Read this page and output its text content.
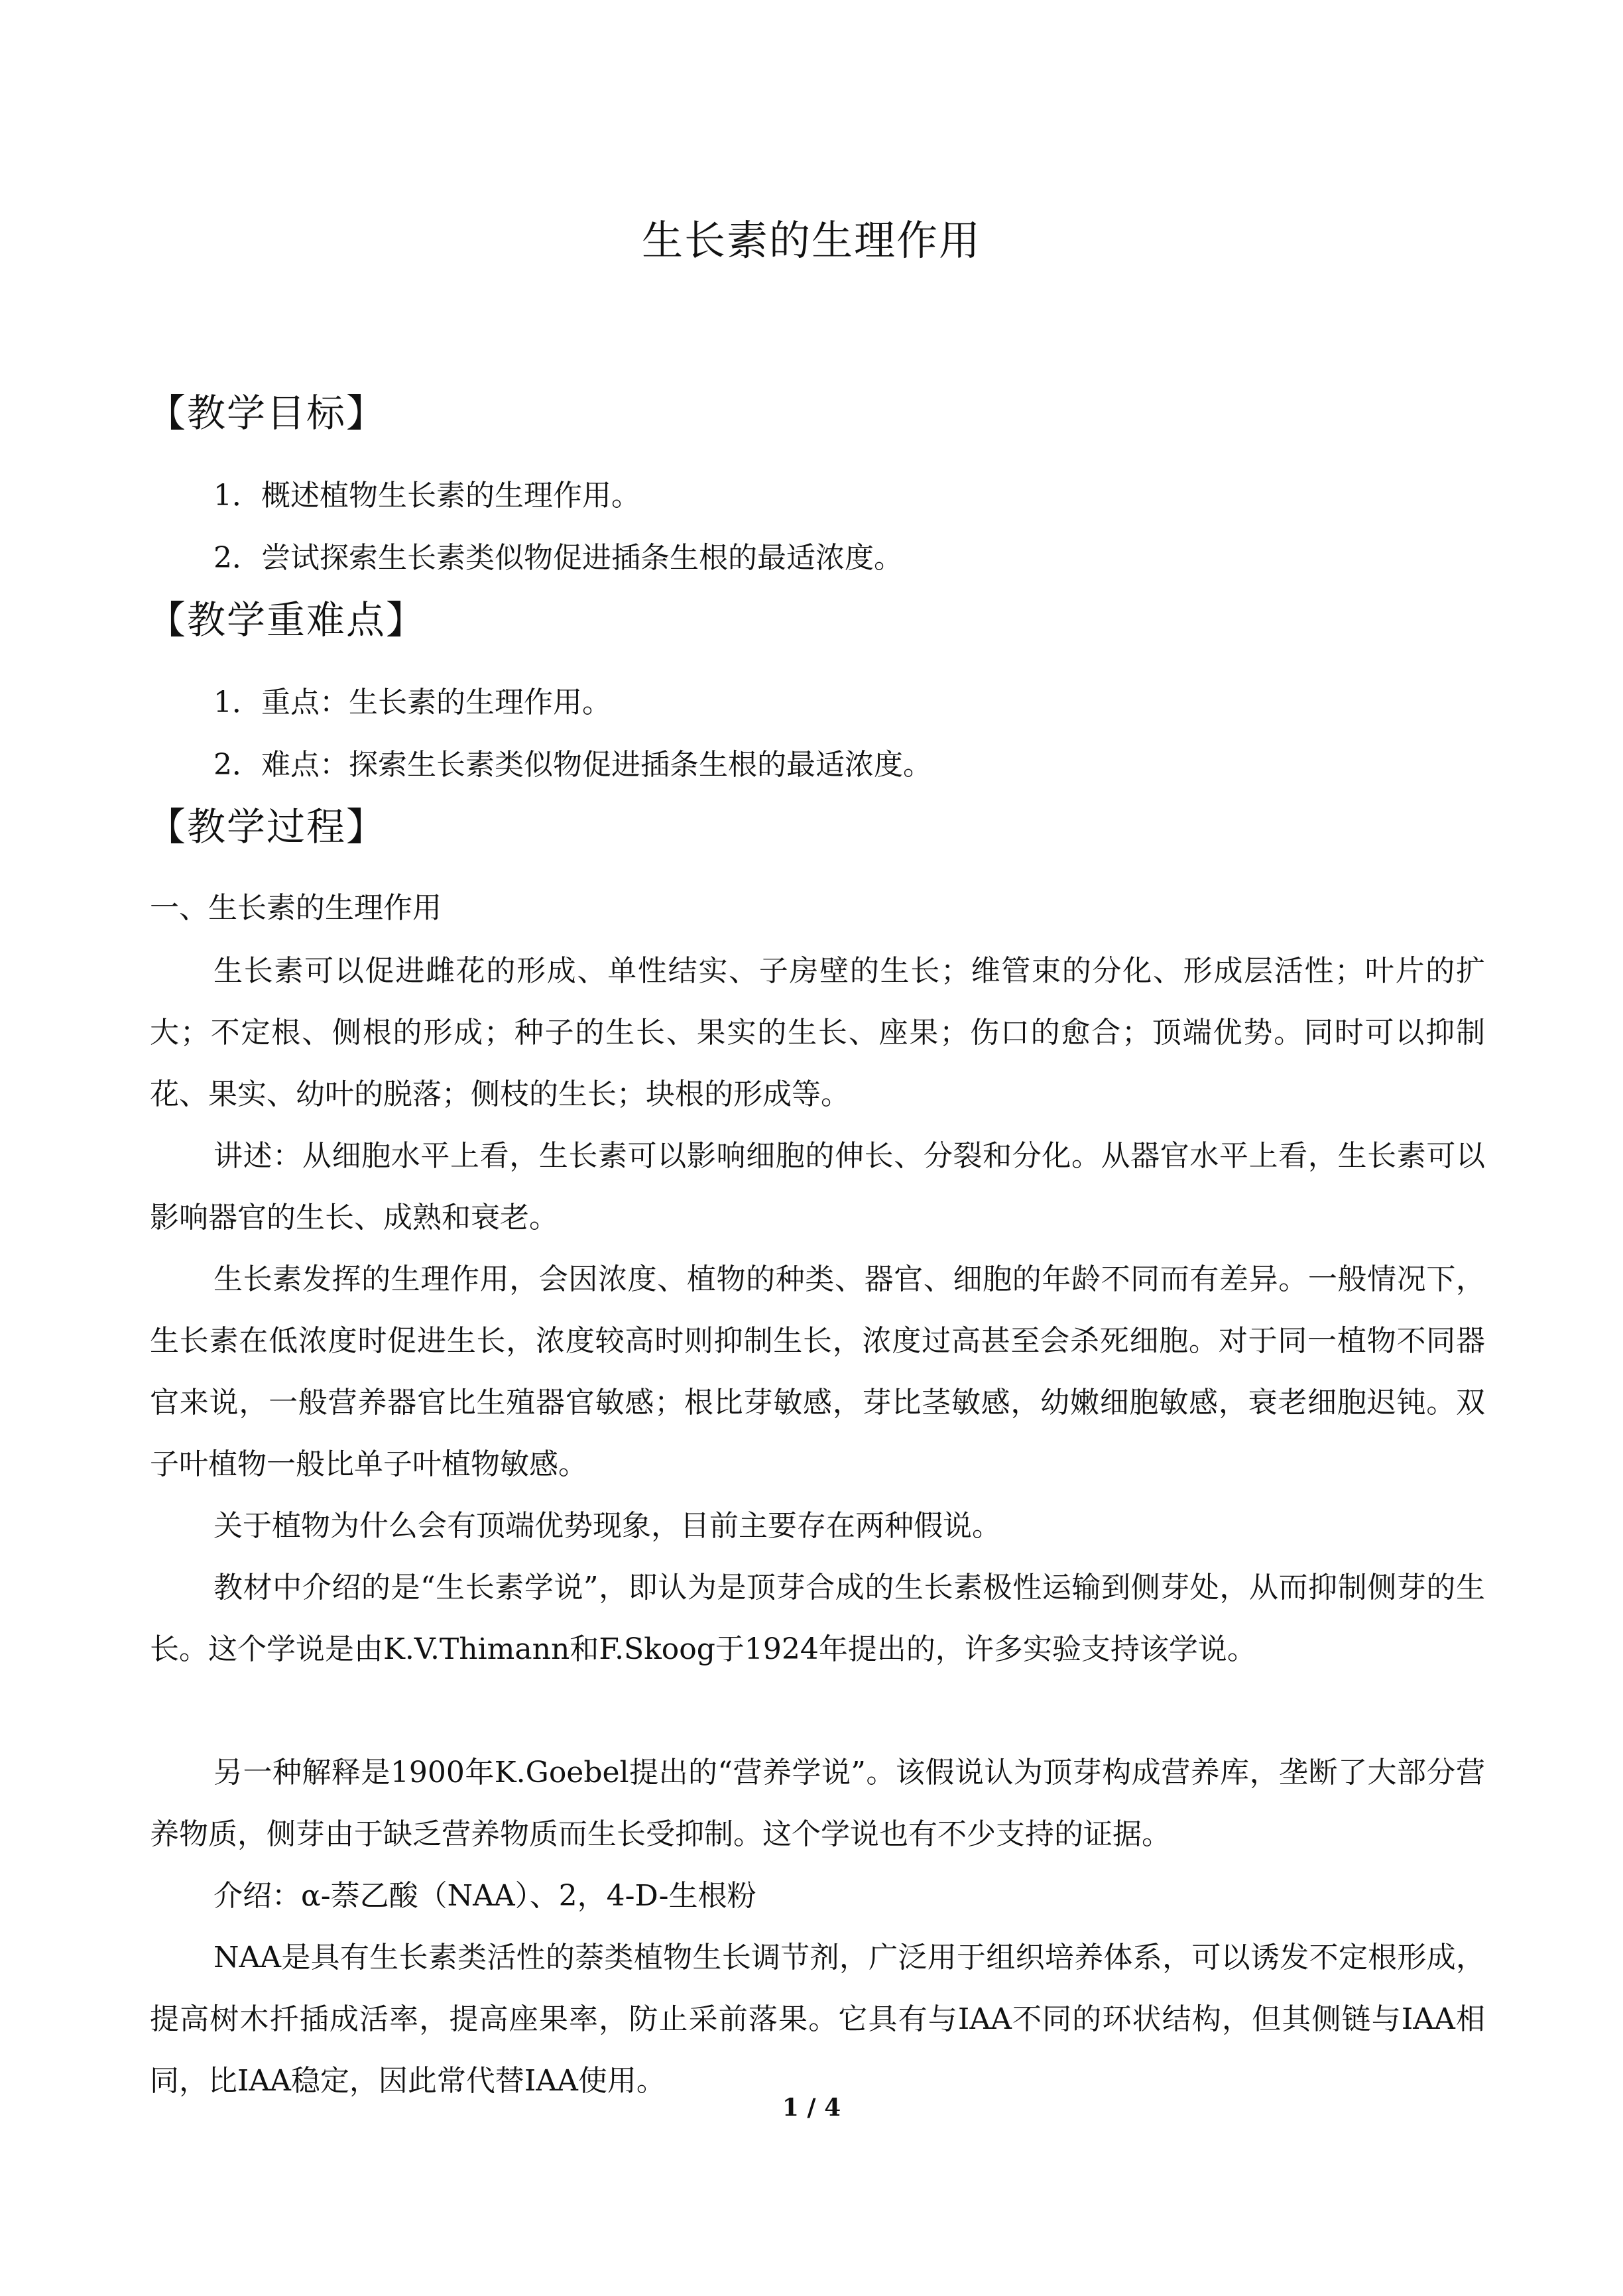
生长素的生理作用
【教学目标】

1．概述植物生长素的生理作用。

2．尝试探索生长素类似物促进插条生根的最适浓度。

【教学重难点】

1．重点：生长素的生理作用。

2．难点：探索生长素类似物促进插条生根的最适浓度。

【教学过程】

一、生长素的生理作用

生长素可以促进雌花的形成、单性结实、子房壁的生长；维管束的分化、形成层活性；叶片的扩大；不定根、侧根的形成；种子的生长、果实的生长、座果；伤口的愈合；顶端优势。同时可以抑制花、果实、幼叶的脱落；侧枝的生长；块根的形成等。

讲述：从细胞水平上看，生长素可以影响细胞的伸长、分裂和分化。从器官水平上看，生长素可以影响器官的生长、成熟和衰老。

生长素发挥的生理作用，会因浓度、植物的种类、器官、细胞的年龄不同而有差异。一般情况下，生长素在低浓度时促进生长，浓度较高时则抑制生长，浓度过高甚至会杀死细胞。对于同一植物不同器官来说，一般营养器官比生殖器官敏感；根比芽敏感，芽比茎敏感，幼嫩细胞敏感，衰老细胞迟钝。双子叶植物一般比单子叶植物敏感。

关于植物为什么会有顶端优势现象，目前主要存在两种假说。

教材中介绍的是“生长素学说”，即认为是顶芽合成的生长素极性运输到侧芽处，从而抑制侧芽的生长。这个学说是由K.V.Thimann和F.Skoog于1924年提出的，许多实验支持该学说。

另一种解释是1900年K.Goebel提出的“营养学说”。该假说认为顶芽构成营养库，垄断了大部分营养物质，侧芽由于缺乏营养物质而生长受抑制。这个学说也有不少支持的证据。

介绍：α-萘乙酸（NAA）、2，4-D-生根粉

NAA是具有生长素类活性的萘类植物生长调节剂，广泛用于组织培养体系，可以诱发不定根形成，提高树木扦插成活率，提高座果率，防止采前落果。它具有与IAA不同的环状结构，但其侧链与IAA相同，比IAA稳定，因此常代替IAA使用。

1 / 4
